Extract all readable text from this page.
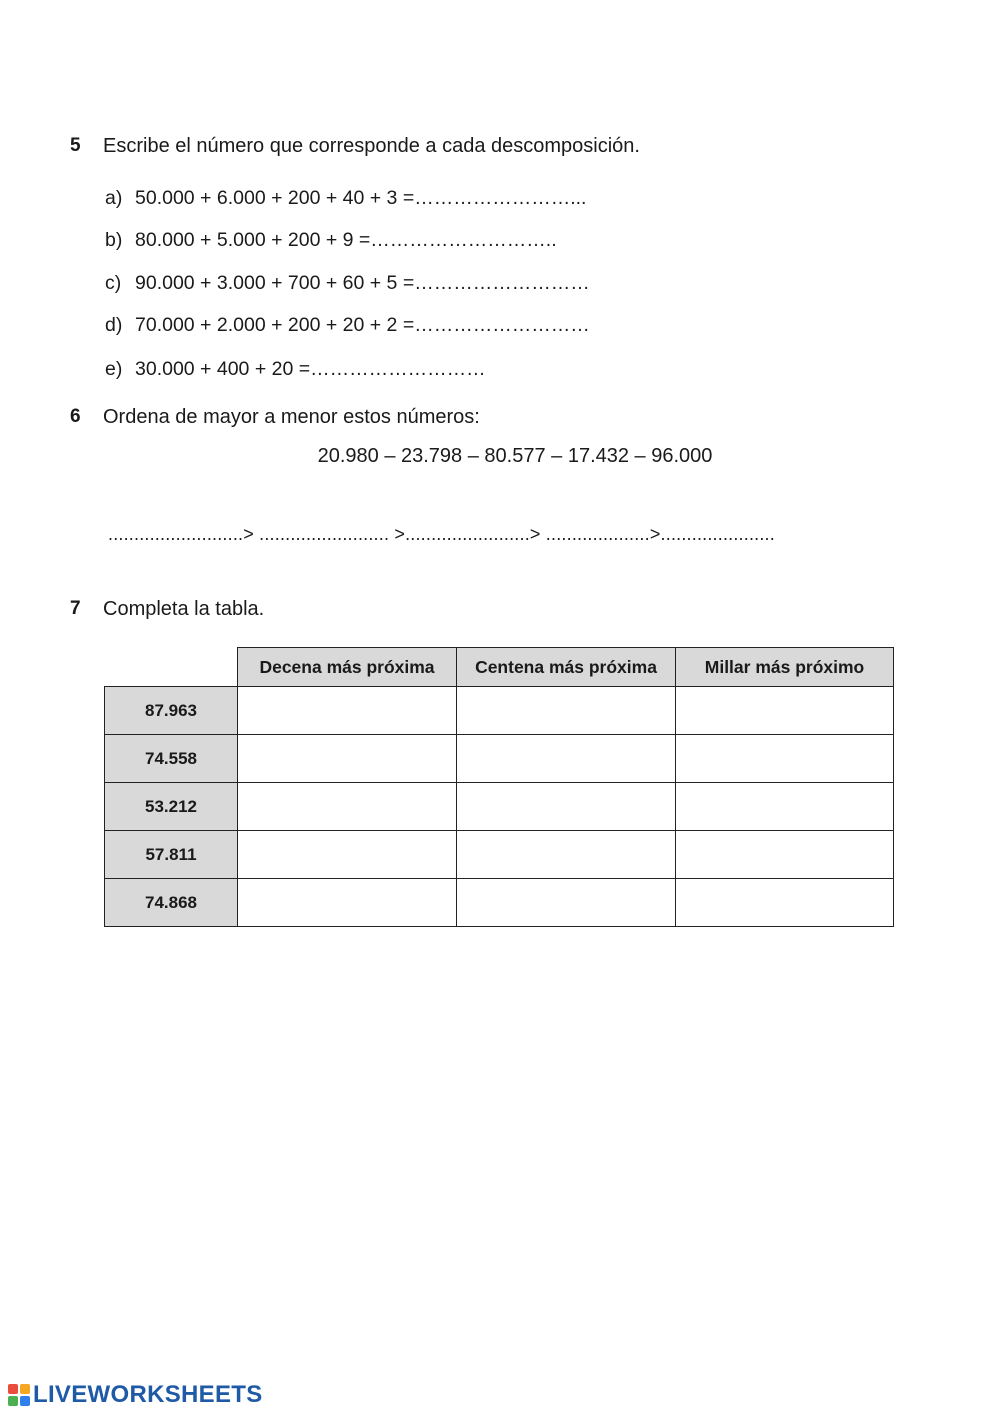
5 Escribe el número que corresponde a cada descomposición.
a) 50.000 + 6.000 + 200 + 40 + 3 =……………………...
b) 80.000 + 5.000 + 200 + 9 =………………………..
c) 90.000 + 3.000 + 700 + 60 + 5 =………………………
d) 70.000 + 2.000 + 200 + 20 + 2 =………………………
e) 30.000 + 400 + 20 =………………………
6 Ordena de mayor a menor estos números:
20.980 – 23.798 – 80.577 – 17.432 – 96.000
..........................> ......................... >........................> ....................>......................
7 Completa la tabla.
	Decena más próxima	Centena más próxima	Millar más próximo
87.963			
74.558			
53.212			
57.811			
74.868			
LIVEWORKSHEETS
